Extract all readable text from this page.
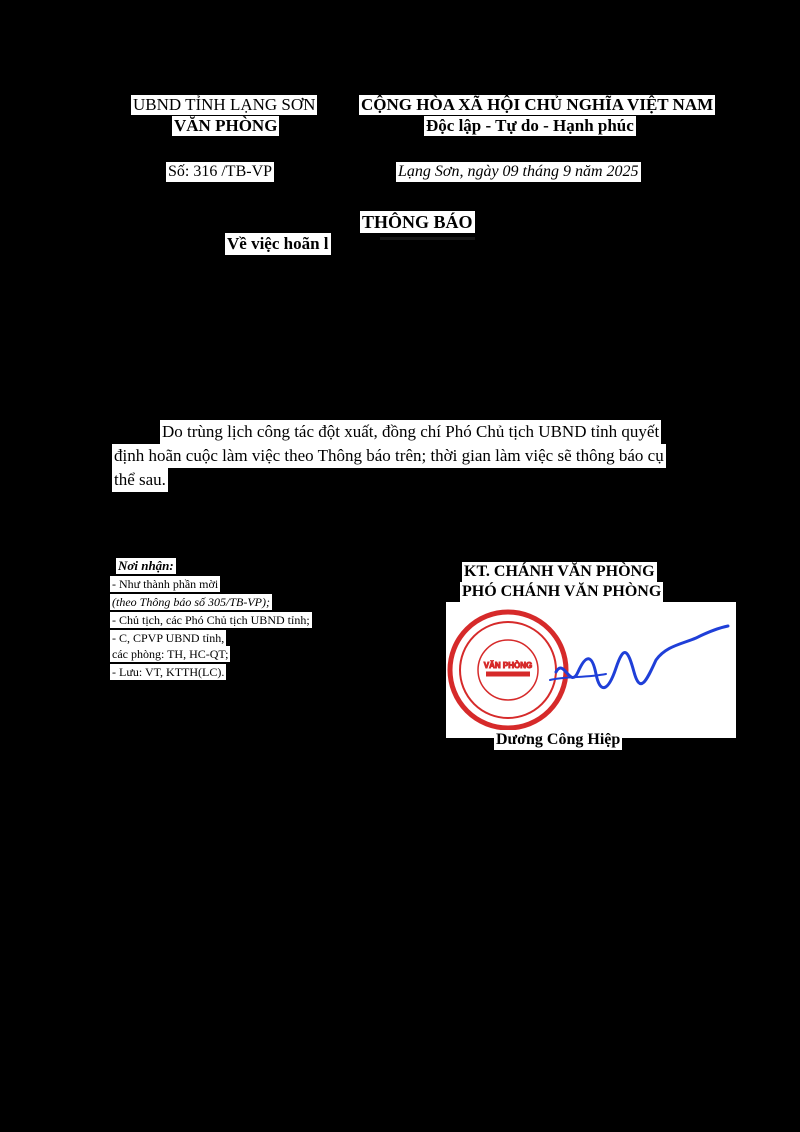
UBND TỈNH LẠNG SƠN
VĂN PHÒNG
Số: 316 /TB-VP
CỘNG HÒA XÃ HỘI CHỦ NGHĨA VIỆT NAM
Độc lập - Tự do - Hạnh phúc
Lạng Sơn, ngày 09 tháng 9 năm 2025
THÔNG BÁO
Về việc hoãn l
Do trùng lịch công tác đột xuất, đồng chí Phó Chủ tịch UBND tỉnh quyết
định hoãn cuộc làm việc theo Thông báo trên; thời gian làm việc sẽ thông báo cụ
thể sau.
Nơi nhận:
- Như thành phần mời
(theo Thông báo số 305/TB-VP);
- Chủ tịch, các Phó Chủ tịch UBND tỉnh;
- C, CPVP UBND tỉnh,
các phòng: TH, HC-QT;
- Lưu: VT, KTTH(LC).
KT. CHÁNH VĂN PHÒNG
PHÓ CHÁNH VĂN PHÒNG
VĂN PHÒNG
Dương Công Hiệp
